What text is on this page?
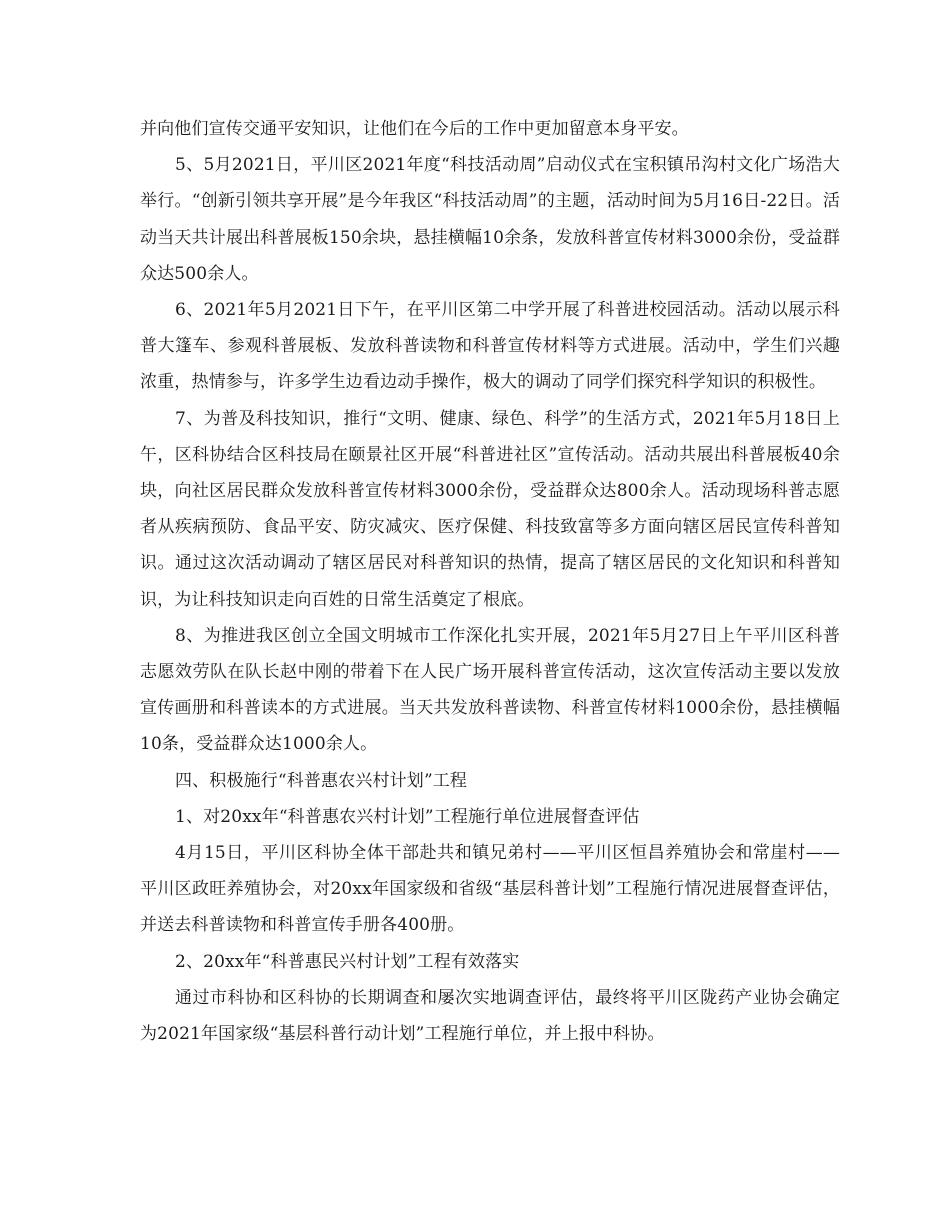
并向他们宣传交通平安知识，让他们在今后的工作中更加留意本身平安。

5、5月2021日，平川区2021年度“科技活动周”启动仪式在宝积镇吊沟村文化广场浩大举行。“创新引领共享开展”是今年我区“科技活动周”的主题，活动时间为5月16日-22日。活动当天共计展出科普展板150余块，悬挂横幅10余条，发放科普宣传材料3000余份，受益群众达500余人。

6、2021年5月2021日下午，在平川区第二中学开展了科普进校园活动。活动以展示科普大篷车、参观科普展板、发放科普读物和科普宣传材料等方式进展。活动中，学生们兴趣浓重，热情参与，许多学生边看边动手操作，极大的调动了同学们探究科学知识的积极性。

7、为普及科技知识，推行“文明、健康、绿色、科学”的生活方式，2021年5月18日上午，区科协结合区科技局在颐景社区开展“科普进社区”宣传活动。活动共展出科普展板40余块，向社区居民群众发放科普宣传材料3000余份，受益群众达800余人。活动现场科普志愿者从疾病预防、食品平安、防灾减灾、医疗保健、科技致富等多方面向辖区居民宣传科普知识。通过这次活动调动了辖区居民对科普知识的热情，提高了辖区居民的文化知识和科普知识，为让科技知识走向百姓的日常生活奠定了根底。

8、为推进我区创立全国文明城市工作深化扎实开展，2021年5月27日上午平川区科普志愿效劳队在队长赵中刚的带着下在人民广场开展科普宣传活动，这次宣传活动主要以发放宣传画册和科普读本的方式进展。当天共发放科普读物、科普宣传材料1000余份，悬挂横幅10条，受益群众达1000余人。

四、积极施行“科普惠农兴村计划”工程

1、对20xx年“科普惠农兴村计划”工程施行单位进展督查评估

4月15日，平川区科协全体干部赴共和镇兄弟村——平川区恒昌养殖协会和常崖村——平川区政旺养殖协会，对20xx年国家级和省级“基层科普计划”工程施行情况进展督查评估，并送去科普读物和科普宣传手册各400册。

2、20xx年“科普惠民兴村计划”工程有效落实

通过市科协和区科协的长期调查和屡次实地调查评估，最终将平川区陇药产业协会确定为2021年国家级“基层科普行动计划”工程施行单位，并上报中科协。
